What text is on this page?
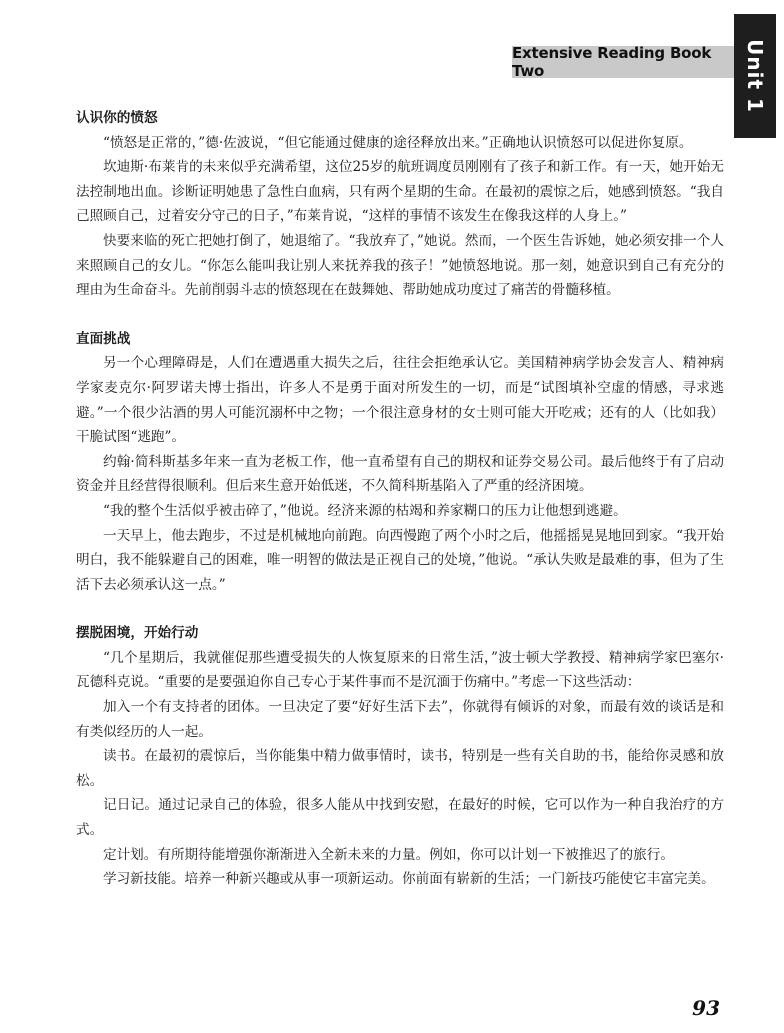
Unit 1
Extensive Reading Book Two

认识你的愤怒

“愤怒是正常的，”德·佐波说，“但它能通过健康的途径释放出来。”正确地认识愤怒可以促进你复原。

坎迪斯·布莱肯的未来似乎充满希望，这位25岁的航班调度员刚刚有了孩子和新工作。有一天，她开始无法控制地出血。诊断证明她患了急性白血病，只有两个星期的生命。在最初的震惊之后，她感到愤怒。“我自己照顾自己，过着安分守己的日子，”布莱肯说，“这样的事情不该发生在像我这样的人身上。”

快要来临的死亡把她打倒了，她退缩了。“我放弃了，”她说。然而，一个医生告诉她，她必须安排一个人来照顾自己的女儿。“你怎么能叫我让别人来抚养我的孩子！”她愤怒地说。那一刻，她意识到自己有充分的理由为生命奋斗。先前削弱斗志的愤怒现在在鼓舞她、帮助她成功度过了痛苦的骨髓移植。

直面挑战

另一个心理障碍是，人们在遭遇重大损失之后，往往会拒绝承认它。美国精神病学协会发言人、精神病学家麦克尔·阿罗诺夫博士指出，许多人不是勇于面对所发生的一切，而是“试图填补空虚的情感，寻求逃避。”一个很少沾酒的男人可能沉溺杯中之物；一个很注意身材的女士则可能大开吃戒；还有的人（比如我）干脆试图“逃跑”。

约翰·简科斯基多年来一直为老板工作，他一直希望有自己的期权和证券交易公司。最后他终于有了启动资金并且经营得很顺利。但后来生意开始低迷，不久简科斯基陷入了严重的经济困境。

“我的整个生活似乎被击碎了，”他说。经济来源的枯竭和养家糊口的压力让他想到逃避。

一天早上，他去跑步，不过是机械地向前跑。向西慢跑了两个小时之后，他摇摇晃晃地回到家。“我开始明白，我不能躲避自己的困难，唯一明智的做法是正视自己的处境，”他说。“承认失败是最难的事，但为了生活下去必须承认这一点。”

摆脱困境，开始行动

“几个星期后，我就催促那些遭受损失的人恢复原来的日常生活，”波士顿大学教授、精神病学家巴塞尔·瓦德科克说。“重要的是要强迫你自己专心于某件事而不是沉湎于伤痛中。”考虑一下这些活动：

加入一个有支持者的团体。一旦决定了要“好好生活下去”，你就得有倾诉的对象，而最有效的谈话是和有类似经历的人一起。

读书。在最初的震惊后，当你能集中精力做事情时，读书，特别是一些有关自助的书，能给你灵感和放松。

记日记。通过记录自己的体验，很多人能从中找到安慰，在最好的时候，它可以作为一种自我治疗的方式。

定计划。有所期待能增强你渐渐进入全新未来的力量。例如，你可以计划一下被推迟了的旅行。

学习新技能。培养一种新兴趣或从事一项新运动。你前面有崭新的生活；一门新技巧能使它丰富完美。

93
